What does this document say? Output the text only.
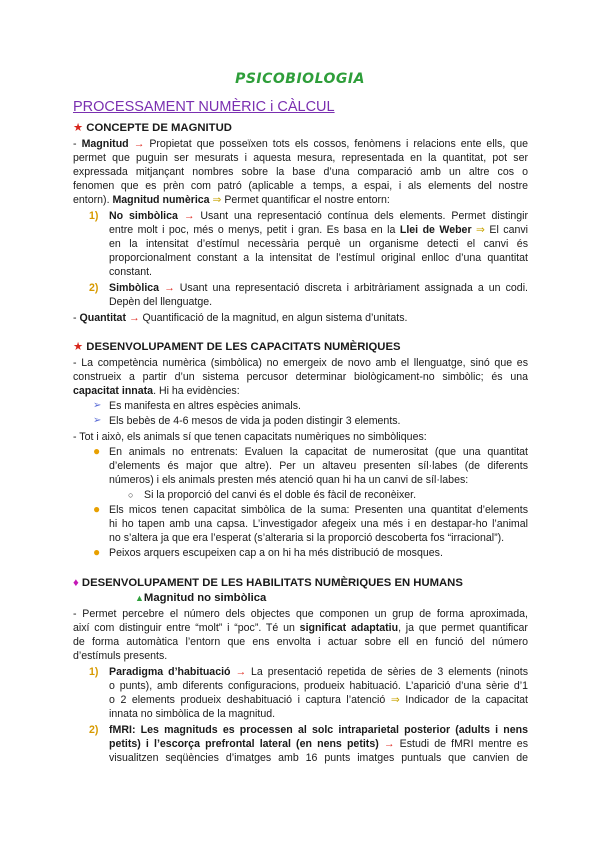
PSICOBIOLOGIA
PROCESSAMENT NUMÈRIC i CÀLCUL
★ CONCEPTE DE MAGNITUD
- Magnitud → Propietat que posseïxen tots els cossos, fenòmens i relacions ente ells, que
permet que puguin ser mesurats i aquesta mesura, representada en la quantitat, pot ser
expressada mitjançant nombres sobre la base d’una comparació amb un altre cos o
fenomen que es prèn com patró (aplicable a temps, a espai, i als elements del nostre
entorn). Magnitud numèrica ⇒ Permet quantificar el nostre entorn:
1) No simbòlica → Usant una representació contínua dels elements. Permet distingir
entre molt i poc, més o menys, petit i gran. Es basa en la Llei de Weber ⇒ El canvi
en la intensitat d’estímul necessària perquè un organisme detecti el canvi és
proporcionalment constant a la intensitat de l’estímul original enlloc d’una quantitat
constant.
2) Simbòlica → Usant una representació discreta i arbitràriament assignada a un codi.
Depèn del llenguatge.
- Quantitat → Quantificació de la magnitud, en algun sistema d’unitats.
★ DESENVOLUPAMENT DE LES CAPACITATS NUMÈRIQUES
- La competència numèrica (simbòlica) no emergeix de novo amb el llenguatge, sinó que es
construeix a partir d’un sistema percusor determinar biològicament-no simbòlic; és una
capacitat innata. Hi ha evidències:
➢ Es manifesta en altres espècies animals.
➢ Els bebès de 4-6 mesos de vida ja poden distingir 3 elements.
- Tot i això, els animals sí que tenen capacitats numèriques no simbòliques:
● En animals no entrenats: Evaluen la capacitat de numerositat (que una quantitat
d’elements és major que altre). Per un altaveu presenten síl·labes (de diferents
números) i els animals presten més atenció quan hi ha un canvi de síl·labes:
○ Si la proporció del canvi és el doble és fàcil de reconèixer.
● Els micos tenen capacitat simbòlica de la suma: Presenten una quantitat d’elements
hi ho tapen amb una capsa. L’investigador afegeix una més i en destapar-ho l’animal
no s’altera ja que era l’esperat (s’alteraria si la proporció descoberta fos “irracional”).
● Peixos arquers escupeixen cap a on hi ha més distribució de mosques.
♦ DESENVOLUPAMENT DE LES HABILITATS NUMÈRIQUES EN HUMANS
▲Magnitud no simbòlica
- Permet percebre el número dels objectes que componen un grup de forma aproximada,
així com distinguir entre “molt” i “poc”. Té un significat adaptatiu, ja que permet quantificar
de forma automàtica l’entorn que ens envolta i actuar sobre ell en funció del número
d’estímuls presents.
1) Paradigma d’habituació → La presentació repetida de sèries de 3 elements (ninots
o punts), amb diferents configuracions, produeix habituació. L’aparició d’una sèrie d’1
o 2 elements produeix deshabituació i captura l’atenció ⇒ Indicador de la capacitat
innata no simbòlica de la magnitud.
2) fMRI: Les magnituds es processen al solc intraparietal posterior (adults i nens
petits) i l’escorça prefrontal lateral (en nens petits) → Estudi de fMRI mentre es
visualitzen seqüències d’imatges amb 16 punts imatges puntuals que canvien de
